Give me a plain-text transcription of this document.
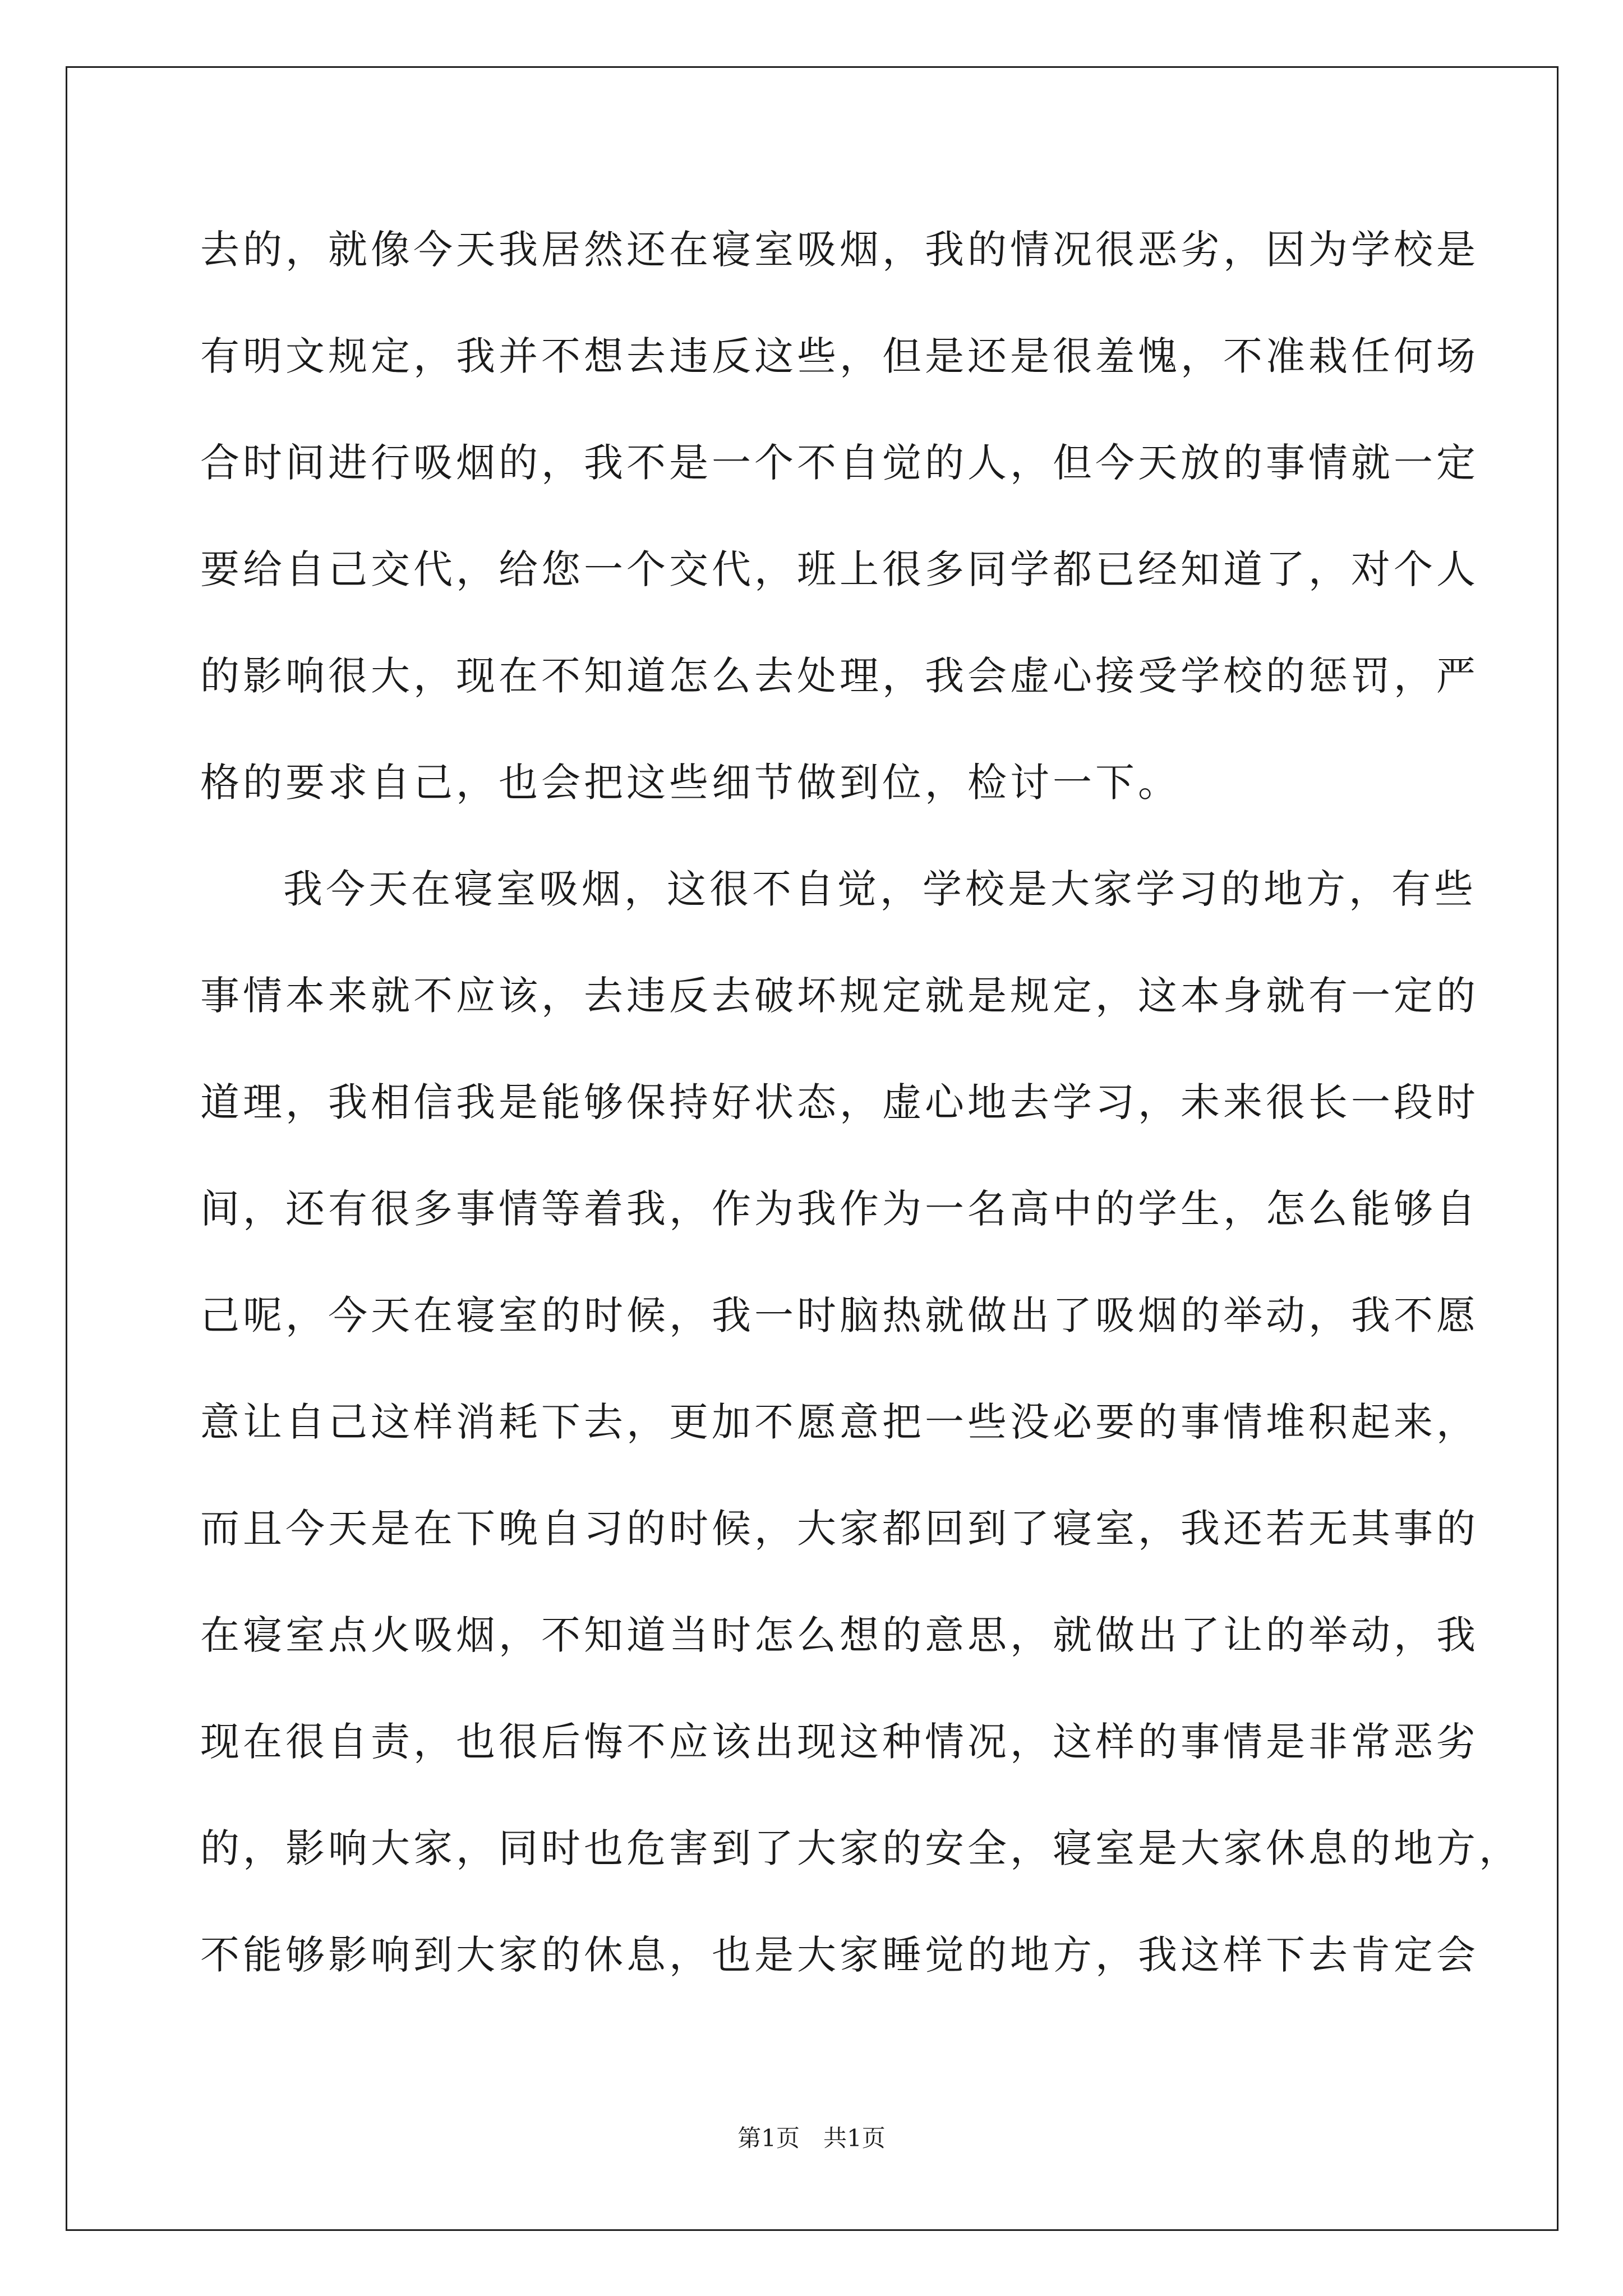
去的，就像今天我居然还在寝室吸烟，我的情况很恶劣，因为学校是
有明文规定，我并不想去违反这些，但是还是很羞愧，不准栽任何场
合时间进行吸烟的，我不是一个不自觉的人，但今天放的事情就一定
要给自己交代，给您一个交代，班上很多同学都已经知道了，对个人
的影响很大，现在不知道怎么去处理，我会虚心接受学校的惩罚，严
格的要求自己，也会把这些细节做到位，检讨一下。
我今天在寝室吸烟，这很不自觉，学校是大家学习的地方，有些
事情本来就不应该，去违反去破坏规定就是规定，这本身就有一定的
道理，我相信我是能够保持好状态，虚心地去学习，未来很长一段时
间，还有很多事情等着我，作为我作为一名高中的学生，怎么能够自
己呢，今天在寝室的时候，我一时脑热就做出了吸烟的举动，我不愿
意让自己这样消耗下去，更加不愿意把一些没必要的事情堆积起来，
而且今天是在下晚自习的时候，大家都回到了寝室，我还若无其事的
在寝室点火吸烟，不知道当时怎么想的意思，就做出了让的举动，我
现在很自责，也很后悔不应该出现这种情况，这样的事情是非常恶劣
的，影响大家，同时也危害到了大家的安全，寝室是大家休息的地方，
不能够影响到大家的休息，也是大家睡觉的地方，我这样下去肯定会
第1页　共1页
